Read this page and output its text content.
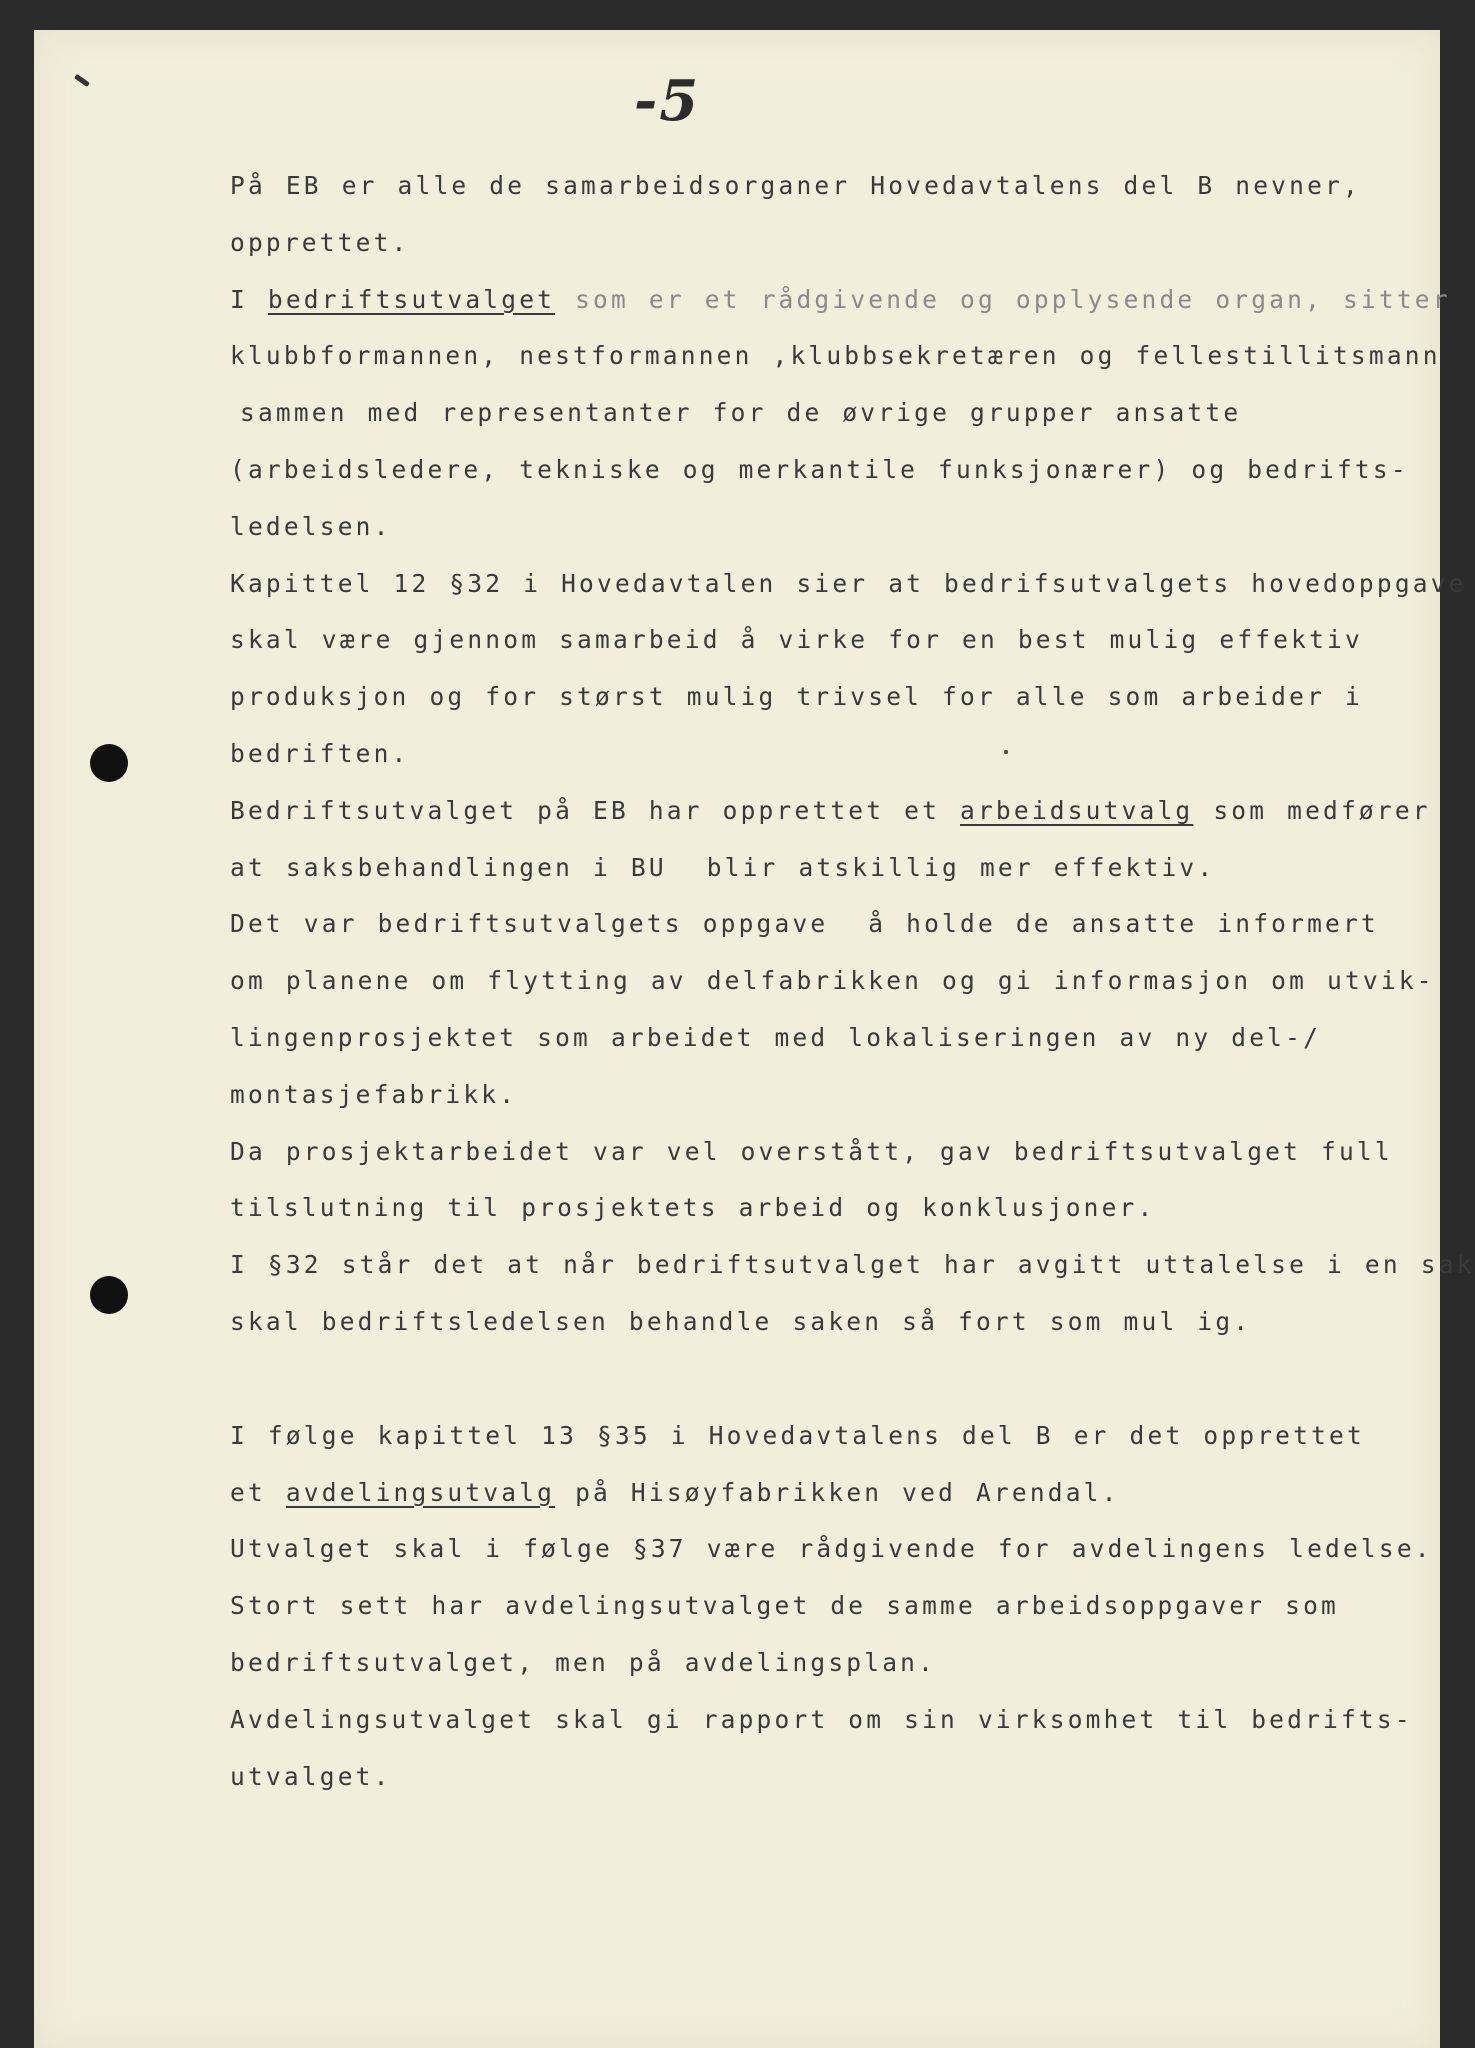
-5
På EB er alle de samarbeidsorganer Hovedavtalens del B nevner,
opprettet.
I bedriftsutvalget som er et rådgivende og opplysende organ, sitter
klubbformannen, nestformannen ,klubbsekretæren og fellestillitsmann
sammen med representanter for de øvrige grupper ansatte
(arbeidsledere, tekniske og merkantile funksjonærer) og bedrifts-
ledelsen.
Kapittel 12 §32 i Hovedavtalen sier at bedrifsutvalgets hovedoppgave
skal være gjennom samarbeid å virke for en best mulig effektiv
produksjon og for størst mulig trivsel for alle som arbeider i
bedriften.
Bedriftsutvalget på EB har opprettet et arbeidsutvalg som medfører
at saksbehandlingen i BU  blir atskillig mer effektiv.
Det var bedriftsutvalgets oppgave  å holde de ansatte informert
om planene om flytting av delfabrikken og gi informasjon om utvik-
lingenprosjektet som arbeidet med lokaliseringen av ny del-/
montasjefabrikk.
Da prosjektarbeidet var vel overstått, gav bedriftsutvalget full
tilslutning til prosjektets arbeid og konklusjoner.
I §32 står det at når bedriftsutvalget har avgitt uttalelse i en sak
skal bedriftsledelsen behandle saken så fort som mul ig.
I følge kapittel 13 §35 i Hovedavtalens del B er det opprettet
et avdelingsutvalg på Hisøyfabrikken ved Arendal.
Utvalget skal i følge §37 være rådgivende for avdelingens ledelse.
Stort sett har avdelingsutvalget de samme arbeidsoppgaver som
bedriftsutvalget, men på avdelingsplan.
Avdelingsutvalget skal gi rapport om sin virksomhet til bedrifts-
utvalget.
